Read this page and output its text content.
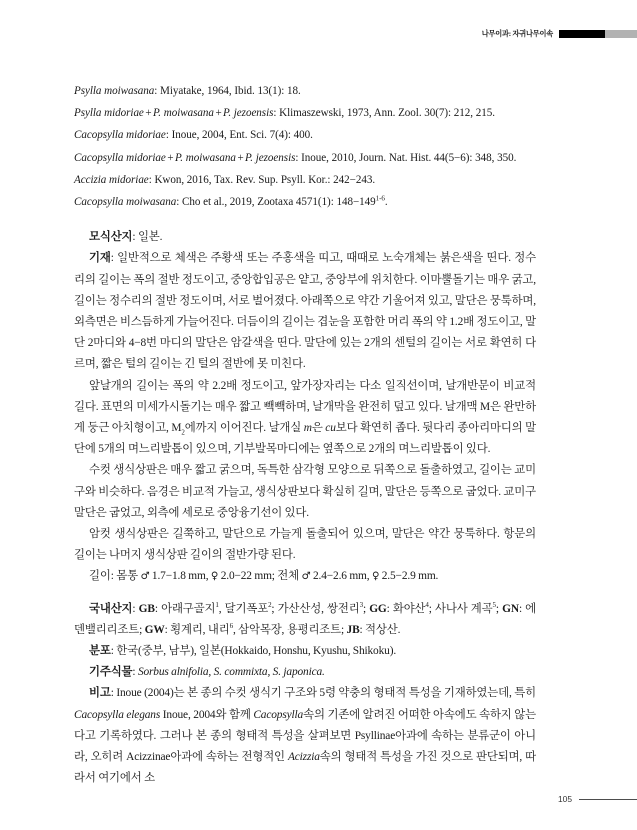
나무이과: 자귀나무이속
Psylla moiwasana: Miyatake, 1964, Ibid. 13(1): 18.
Psylla midoriae + P. moiwasana + P. jezoensis: Klimaszewski, 1973, Ann. Zool. 30(7): 212, 215.
Cacopsylla midoriae: Inoue, 2004, Ent. Sci. 7(4): 400.
Cacopsylla midoriae + P. moiwasana + P. jezoensis: Inoue, 2010, Journ. Nat. Hist. 44(5−6): 348, 350.
Accizia midoriae: Kwon, 2016, Tax. Rev. Sup. Psyll. Kor.: 242−243.
Cacopsylla moiwasana: Cho et al., 2019, Zootaxa 4571(1): $148-149^{1-6}$.

모식산지: 일본.

기재: 일반적으로 체색은 주황색 또는 주홍색을 띠고, 때때로 노숙개체는 붉은색을 띤다. 정수리의 길이는 폭의 절반 정도이고, 중앙합입공은 얕고, 중앙부에 위치한다. 이마뿔돌기는 매우 굵고, 길이는 정수리의 절반 정도이며, 서로 벌어졌다. 아래쪽으로 약간 기울어져 있고, 말단은 뭉툭하며, 외측면은 비스듬하게 가늘어진다. 더듬이의 길이는 겹눈을 포함한 머리 폭의 약 1.2배 정도이고, 말단 2마디와 4−8번 마디의 말단은 암갈색을 띤다. 말단에 있는 2개의 센털의 길이는 서로 확연히 다르며, 짧은 털의 길이는 긴 털의 절반에 못 미친다.

앞날개의 길이는 폭의 약 2.2배 정도이고, 앞가장자리는 다소 일직선이며, 날개반문이 비교적 길다. 표면의 미세가시돌기는 매우 짧고 빽빽하며, 날개막을 완전히 덮고 있다. 날개맥 M은 완만하게 둥근 아치형이고, $M_2$에까지 이어진다. 날개실 m은 cu보다 확연히 좁다. 뒷다리 종아리마디의 말단에 5개의 며느리발톱이 있으며, 기부발목마디에는 옆쪽으로 2개의 며느리발톱이 있다.

수컷 생식상판은 매우 짧고 굵으며, 독특한 삼각형 모양으로 뒤쪽으로 돌출하였고, 길이는 교미구와 비슷하다. 음경은 비교적 가늘고, 생식상판보다 확실히 길며, 말단은 등쪽으로 굽었다. 교미구 말단은 굽었고, 외측에 세로로 중앙융기선이 있다.

암컷 생식상판은 길쭉하고, 말단으로 가늘게 돌출되어 있으며, 말단은 약간 뭉툭하다. 항문의 길이는 나머지 생식상판 길이의 절반가량 된다.

길이: 몸통 ♂ 1.7−1.8 mm, ♀ 2.0−22 mm; 전체 ♂ 2.4−2.6 mm, ♀ 2.5−2.9 mm.

국내산지: GB: 아래구골지$^1$, 달기폭포$^2$; 가산산성, 쌍전리$^3$; GG: 화야산$^4$; 사나사 계곡$^5$; GN: 에덴밸리리조트; GW: 횡계리, 내리$^6$, 삼악목장, 용평리조트; JB: 적상산.

분포: 한국(중부, 남부), 일본(Hokkaido, Honshu, Kyushu, Shikoku).

기주식물: Sorbus alnifolia, S. commixta, S. japonica.

비고: Inoue (2004)는 본 종의 수컷 생식기 구조와 5령 약충의 형태적 특성을 기재하였는데, 특히 Cacopsylla elegans Inoue, 2004와 함께 Cacopsylla속의 기존에 알려진 어떠한 아속에도 속하지 않는다고 기록하였다. 그러나 본 종의 형태적 특성을 살펴보면 Psyllinae아과에 속하는 분류군이 아니라, 오히려 Acizzinae아과에 속하는 전형적인 Acizzia속의 형태적 특성을 가진 것으로 판단되며, 따라서 여기에서 소

105
